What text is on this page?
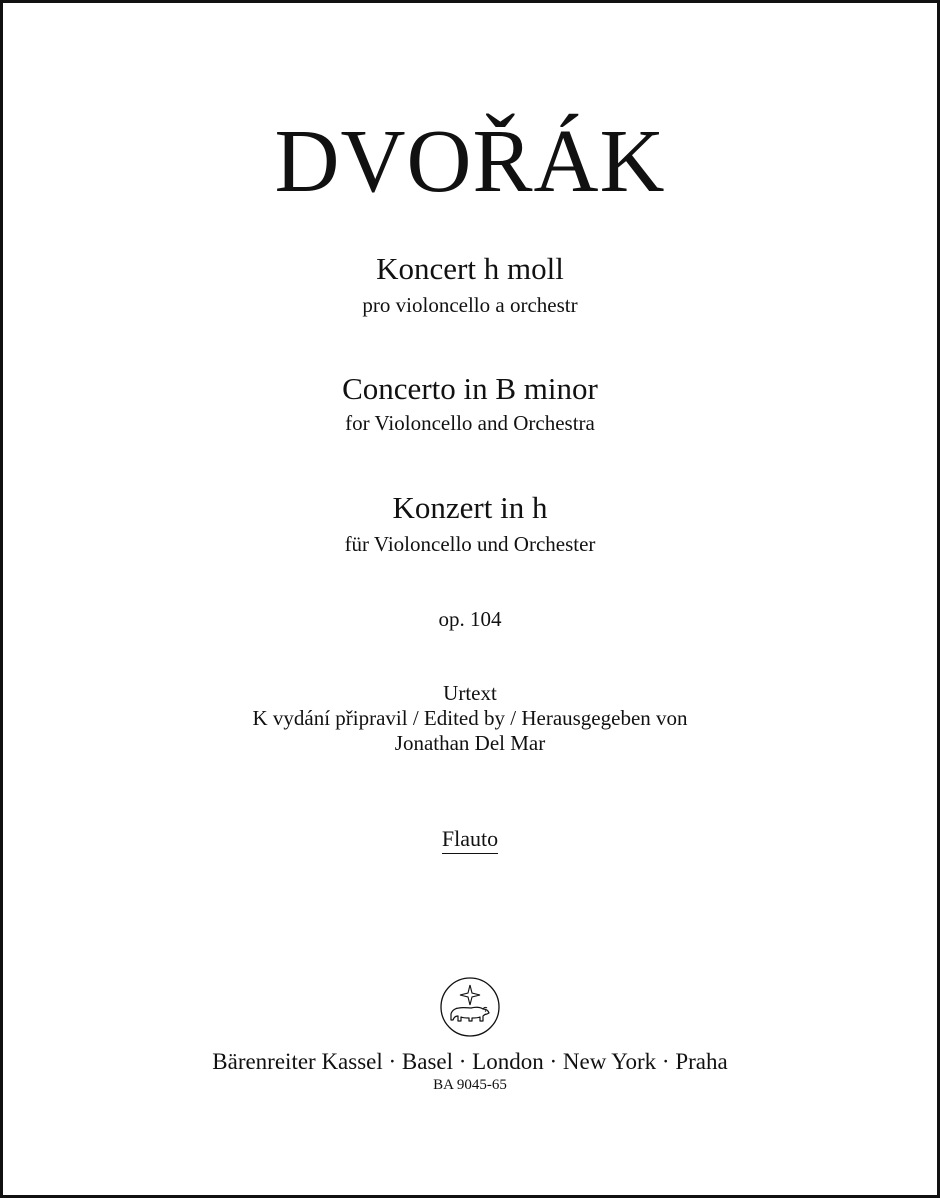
DVOŘÁK
Koncert h moll
pro violoncello a orchestr
Concerto in B minor
for Violoncello and Orchestra
Konzert in h
für Violoncello und Orchester
op. 104
Urtext
K vydání připravil / Edited by / Herausgegeben von
Jonathan Del Mar
Flauto
Bärenreiter Kassel · Basel · London · New York · Praha
BA 9045-65
